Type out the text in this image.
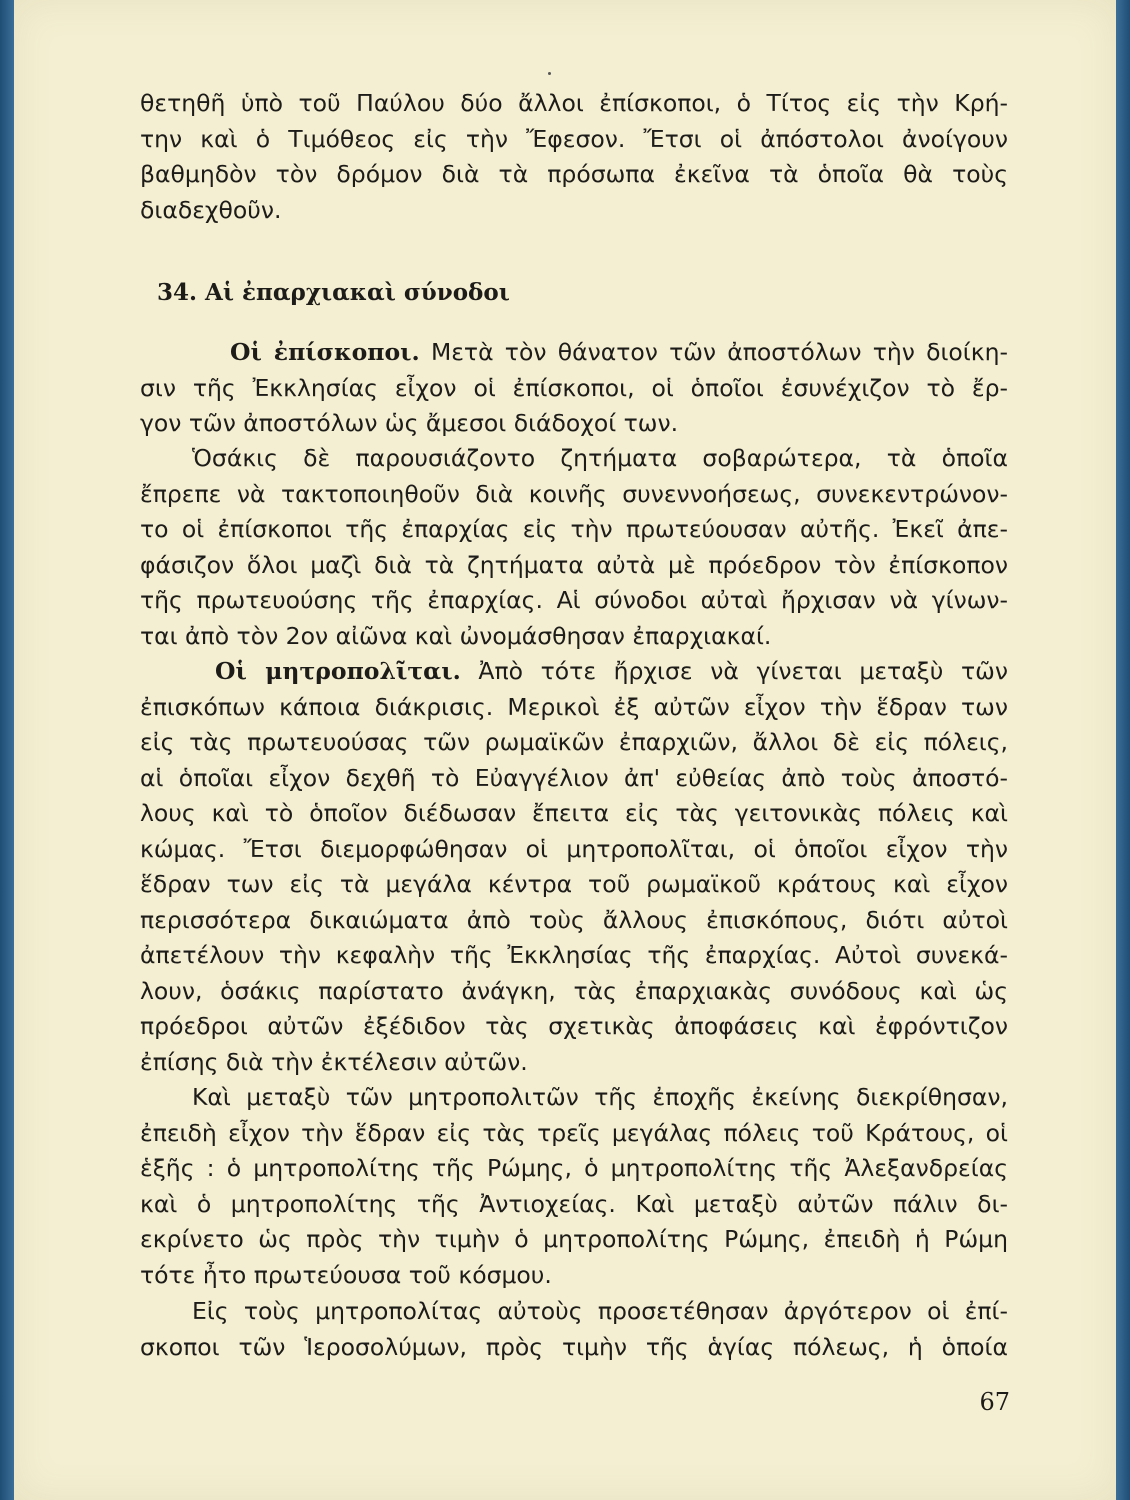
θετηθῆ ὑπὸ τοῦ Παύλου δύο ἄλλοι ἐπίσκοποι, ὁ Τίτος εἰς τὴν Κρή-
την καὶ ὁ Τιμόθεος εἰς τὴν Ἔφεσον. Ἔτσι οἱ ἀπόστολοι ἀνοίγουν
βαθμηδὸν τὸν δρόμον διὰ τὰ πρόσωπα ἐκεῖνα τὰ ὁποῖα θὰ τοὺς
διαδεχθοῦν.
34. Αἱ ἐπαρχιακαὶ σύνοδοι
Οἱ ἐπίσκοποι. Μετὰ τὸν θάνατον τῶν ἀποστόλων τὴν διοίκη-
σιν τῆς Ἐκκλησίας εἶχον οἱ ἐπίσκοποι, οἱ ὁποῖοι ἐσυνέχιζον τὸ ἔρ-
γον τῶν ἀποστόλων ὡς ἄμεσοι διάδοχοί των.
Ὁσάκις δὲ παρουσιάζοντο ζητήματα σοβαρώτερα, τὰ ὁποῖα
ἔπρεπε νὰ τακτοποιηθοῦν διὰ κοινῆς συνεννοήσεως, συνεκεντρώνον-
το οἱ ἐπίσκοποι τῆς ἐπαρχίας εἰς τὴν πρωτεύουσαν αὐτῆς. Ἐκεῖ ἀπε-
φάσιζον ὅλοι μαζὶ διὰ τὰ ζητήματα αὐτὰ μὲ πρόεδρον τὸν ἐπίσκοπον
τῆς πρωτευούσης τῆς ἐπαρχίας. Αἱ σύνοδοι αὐταὶ ἤρχισαν νὰ γίνων-
ται ἀπὸ τὸν 2ον αἰῶνα καὶ ὠνομάσθησαν ἐπαρχιακαί.
Οἱ μητροπολῖται. Ἀπὸ τότε ἤρχισε νὰ γίνεται μεταξὺ τῶν
ἐπισκόπων κάποια διάκρισις. Μερικοὶ ἐξ αὐτῶν εἶχον τὴν ἕδραν των
εἰς τὰς πρωτευούσας τῶν ρωμαϊκῶν ἐπαρχιῶν, ἄλλοι δὲ εἰς πόλεις,
αἱ ὁποῖαι εἶχον δεχθῆ τὸ Εὐαγγέλιον ἀπ' εὐθείας ἀπὸ τοὺς ἀποστό-
λους καὶ τὸ ὁποῖον διέδωσαν ἔπειτα εἰς τὰς γειτονικὰς πόλεις καὶ
κώμας. Ἔτσι διεμορφώθησαν οἱ μητροπολῖται, οἱ ὁποῖοι εἶχον τὴν
ἕδραν των εἰς τὰ μεγάλα κέντρα τοῦ ρωμαϊκοῦ κράτους καὶ εἶχον
περισσότερα δικαιώματα ἀπὸ τοὺς ἄλλους ἐπισκόπους, διότι αὐτοὶ
ἀπετέλουν τὴν κεφαλὴν τῆς Ἐκκλησίας τῆς ἐπαρχίας. Αὐτοὶ συνεκά-
λουν, ὁσάκις παρίστατο ἀνάγκη, τὰς ἐπαρχιακὰς συνόδους καὶ ὡς
πρόεδροι αὐτῶν ἐξέδιδον τὰς σχετικὰς ἀποφάσεις καὶ ἐφρόντιζον
ἐπίσης διὰ τὴν ἐκτέλεσιν αὐτῶν.
Καὶ μεταξὺ τῶν μητροπολιτῶν τῆς ἐποχῆς ἐκείνης διεκρίθησαν,
ἐπειδὴ εἶχον τὴν ἕδραν εἰς τὰς τρεῖς μεγάλας πόλεις τοῦ Κράτους, οἱ
ἑξῆς : ὁ μητροπολίτης τῆς Ρώμης, ὁ μητροπολίτης τῆς Ἀλεξανδρείας
καὶ ὁ μητροπολίτης τῆς Ἀντιοχείας. Καὶ μεταξὺ αὐτῶν πάλιν δι-
εκρίνετο ὡς πρὸς τὴν τιμὴν ὁ μητροπολίτης Ρώμης, ἐπειδὴ ἡ Ρώμη
τότε ἦτο πρωτεύουσα τοῦ κόσμου.
Εἰς τοὺς μητροπολίτας αὐτοὺς προσετέθησαν ἀργότερον οἱ ἐπί-
σκοποι τῶν Ἱεροσολύμων, πρὸς τιμὴν τῆς ἁγίας πόλεως, ἡ ὁποία
67
